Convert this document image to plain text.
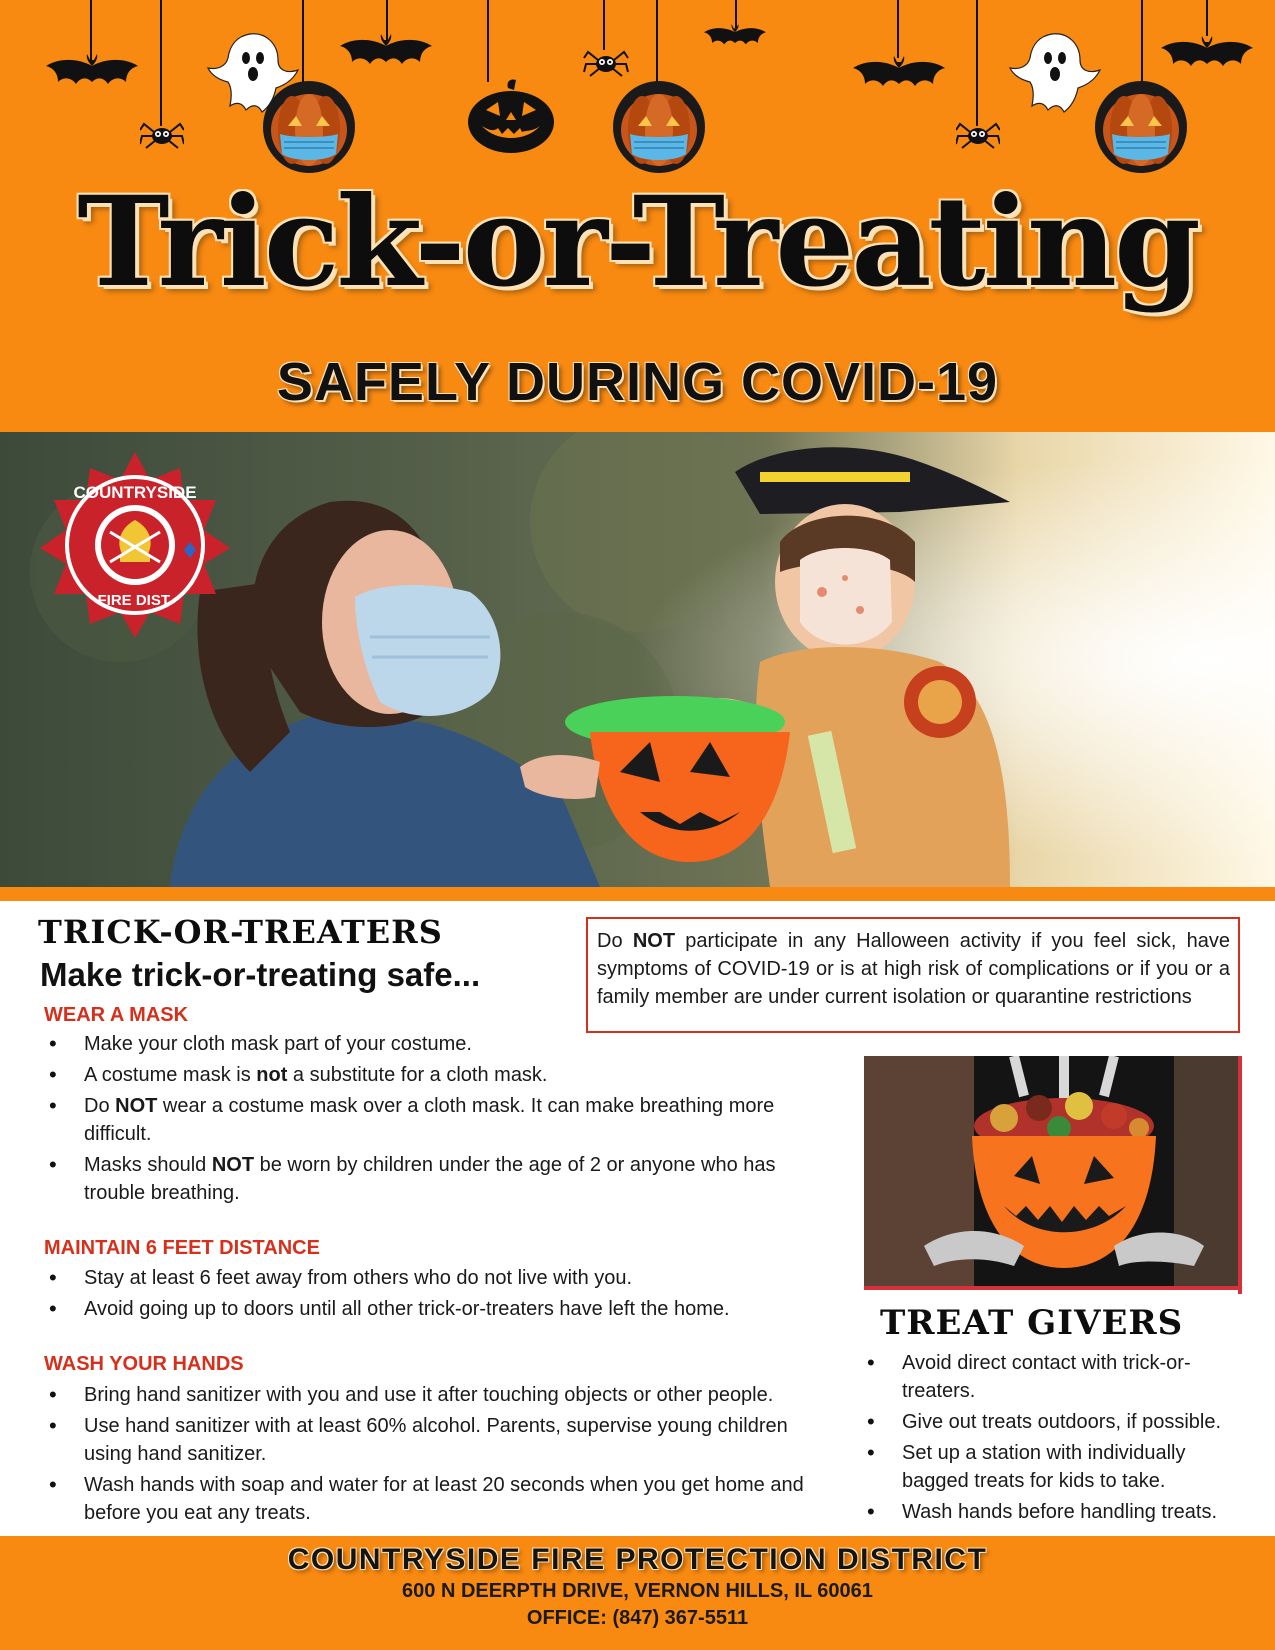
Trick-or-Treating
SAFELY DURING COVID-19
COUNTRYSIDE
FIRE DIST.
TRICK-OR-TREATERS
Make trick-or-treating safe...
WEAR A MASK
• Make your cloth mask part of your costume.
• A costume mask is not a substitute for a cloth mask.
• Do NOT wear a costume mask over a cloth mask. It can make breathing more difficult.
• Masks should NOT be worn by children under the age of 2 or anyone who has trouble breathing.
MAINTAIN 6 FEET DISTANCE
• Stay at least 6 feet away from others who do not live with you.
• Avoid going up to doors until all other trick-or-treaters have left the home.
WASH YOUR HANDS
• Bring hand sanitizer with you and use it after touching objects or other people.
• Use hand sanitizer with at least 60% alcohol. Parents, supervise young children using hand sanitizer.
• Wash hands with soap and water for at least 20 seconds when you get home and before you eat any treats.
Do NOT participate in any Halloween activity if you feel sick, have symptoms of COVID-19 or is at high risk of complications or if you or a family member are under current isolation or quarantine restrictions
TREAT GIVERS
• Avoid direct contact with trick-or-treaters.
• Give out treats outdoors, if possible.
• Set up a station with individually bagged treats for kids to take.
• Wash hands before handling treats.
COUNTRYSIDE FIRE PROTECTION DISTRICT
600 N DEERPTH DRIVE, VERNON HILLS, IL 60061
OFFICE: (847) 367-5511
